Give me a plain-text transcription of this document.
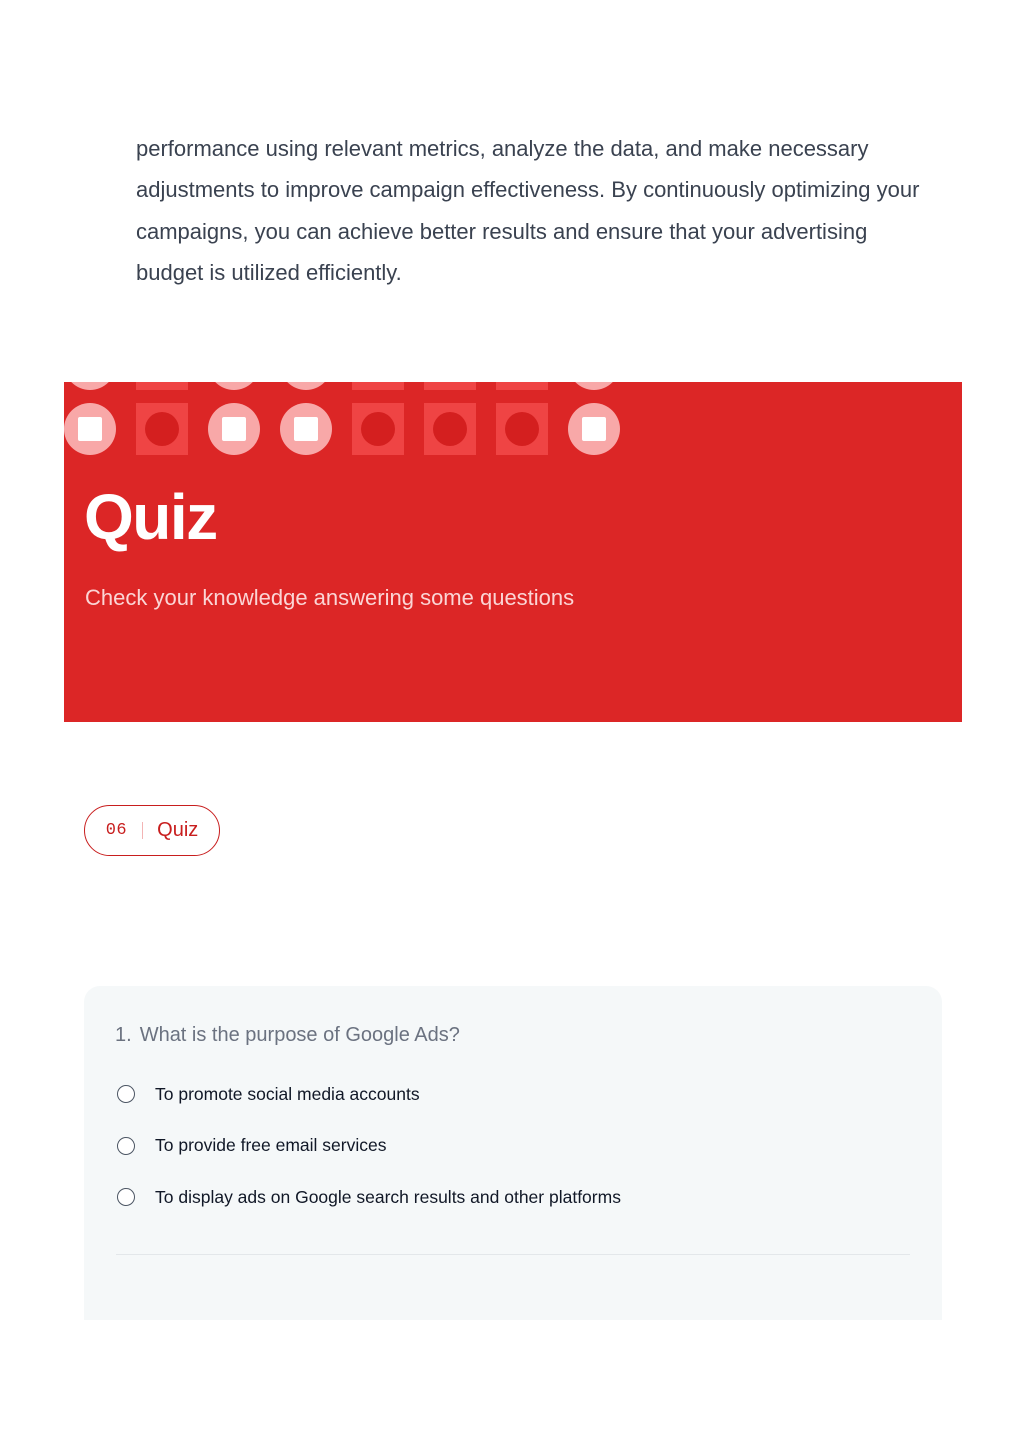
performance using relevant metrics, analyze the data, and make necessary

adjustments to improve campaign effectiveness. By continuously optimizing your

campaigns, you can achieve better results and ensure that your advertising

budget is utilized efficiently.

Quiz

Check your knowledge answering some questions

06 Quiz

1. What is the purpose of Google Ads?

To promote social media accounts
To provide free email services
To display ads on Google search results and other platforms
